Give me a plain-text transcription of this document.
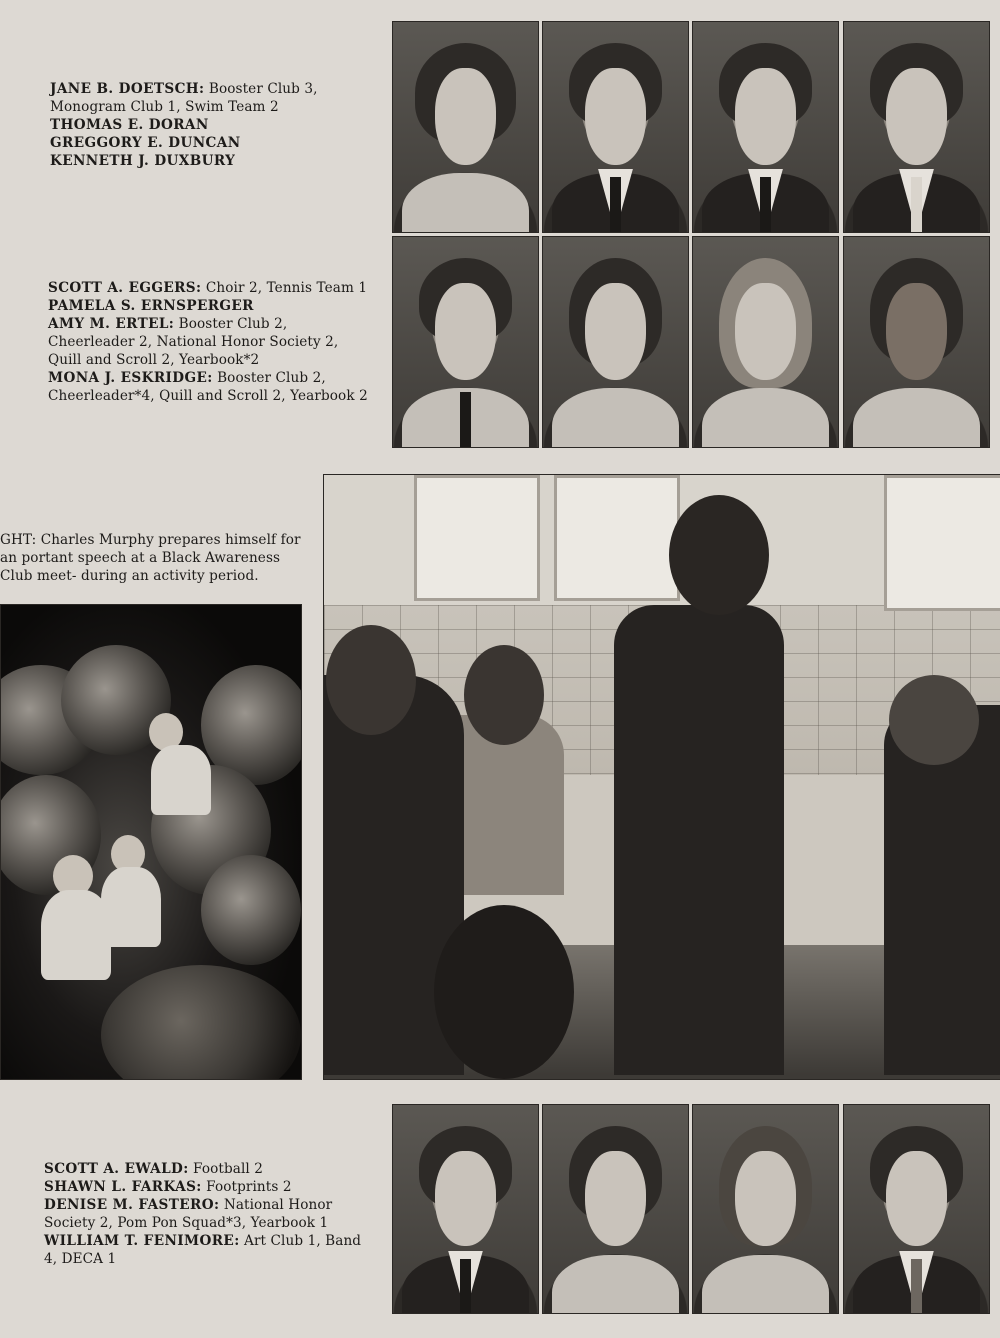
JANE B. DOETSCH: Booster Club 3, Monogram Club 1, Swim Team 2
THOMAS E. DORAN
GREGGORY E. DUNCAN
KENNETH J. DUXBURY
SCOTT A. EGGERS: Choir 2, Tennis Team 1
PAMELA S. ERNSPERGER
AMY M. ERTEL: Booster Club 2, Cheerleader 2, National Honor Society 2, Quill and Scroll 2, Yearbook*2
MONA J. ESKRIDGE: Booster Club 2, Cheerleader*4, Quill and Scroll 2, Yearbook 2
GHT: Charles Murphy prepares himself for an portant speech at a Black Awareness Club meet- during an activity period.
SCOTT A. EWALD: Football 2
SHAWN L. FARKAS: Footprints 2
DENISE M. FASTERO: National Honor Society 2, Pom Pon Squad*3, Yearbook 1
WILLIAM T. FENIMORE: Art Club 1, Band 4, DECA 1
